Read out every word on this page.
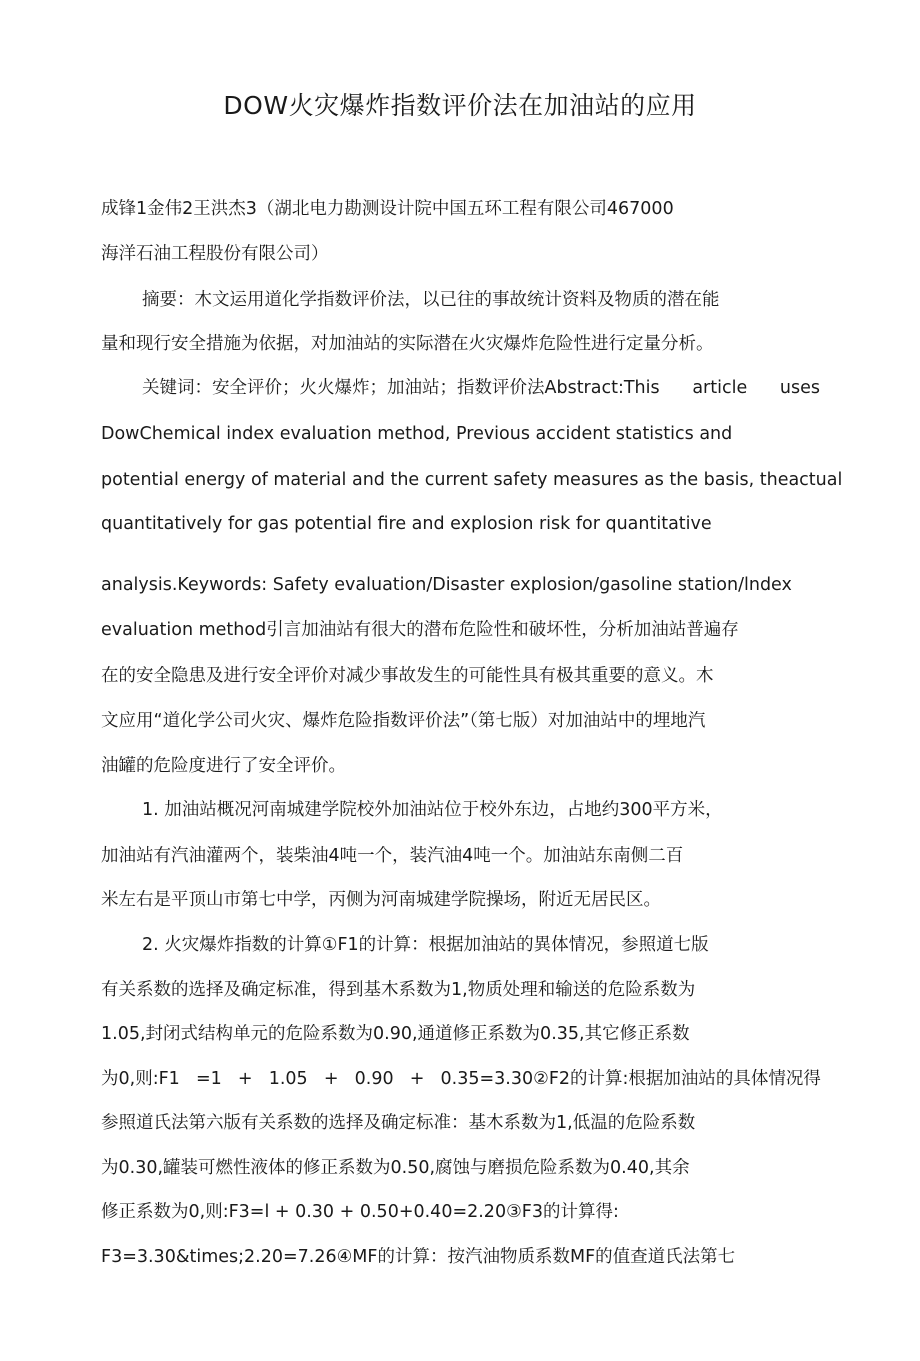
DOW火灾爆炸指数评价法在加油站的应用

成锋1金伟2王洪杰3（湖北电力勘测设计院中国五环工程有限公司467000

海洋石油工程股份有限公司）

摘要：木文运用道化学指数评价法，以已往的事故统计资料及物质的潜在能

量和现行安全措施为依据，对加油站的实际潜在火灾爆炸危险性进行定量分析。

关键词：安全评价；火火爆炸；加油站；指数评价法Abstract:This article uses

DowChemical index evaluation method, Previous accident statistics and

potential energy of material and the current safety measures as the basis, theactual

quantitatively for gas potential fire and explosion risk for quantitative

analysis.Keywords: Safety evaluation/Disaster explosion/gasoline station/lndex

evaluation method引言加油站有很大的潜布危险性和破坏性，分析加油站普遍存

在的安全隐患及进行安全评价对减少事故发生的可能性具有极其重要的意义。木

文应用“道化学公司火灾、爆炸危险指数评价法”（第七版）对加油站中的埋地汽

油罐的危险度进行了安全评价。

1. 加油站概况河南城建学院校外加油站位于校外东边，占地约300平方米，

加油站有汽油灌两个，装柴油4吨一个，装汽油4吨一个。加油站东南侧二百

米左右是平顶山市第七中学，丙侧为河南城建学院操场，附近无居民区。

2. 火灾爆炸指数的计算①F1的计算：根据加油站的異体情况，参照道七版

有关系数的选择及确定标准，得到基木系数为1,物质处理和输送的危险系数为

1.05,封闭式结构单元的危险系数为0.90,通道修正系数为0.35,其它修正系数

为0,则:F1 =1 + 1.05 + 0.90 + 0.35=3.30②F2的计算:根据加油站的具体情况得

参照道氏法第六版有关系数的选择及确定标准：基木系数为1,低温的危险系数

为0.30,罐装可燃性液体的修正系数为0.50,腐蚀与磨损危险系数为0.40,其余

修正系数为0,则:F3=l + 0.30 + 0.50+0.40=2.20③F3的计算得:

F3=3.30&times;2.20=7.26④MF的计算：按汽油物质系数MF的值查道氏法第七
